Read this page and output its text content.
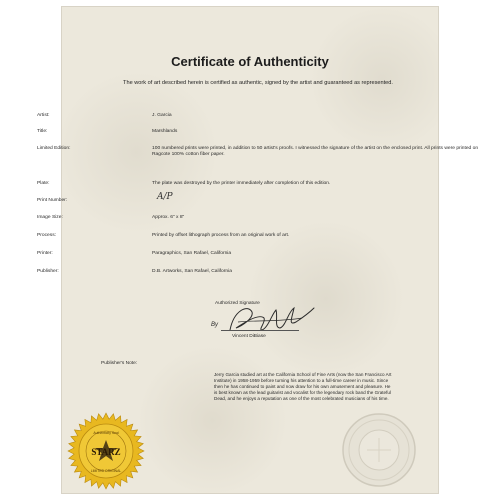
Certificate of Authenticity
The work of art described herein is certified as authentic, signed by the artist and guaranteed as represented.
Artist:	J. Garcia
Title:	Marshlands
Limited Edition:	100 numbered prints were printed, in addition to 50 artist's proofs. I witnessed the signature of the artist on the enclosed print. All prints were printed on Ragcote 100% cotton fiber paper.
Plate:	The plate was destroyed by the printer immediately after completion of this edition.
Print Number:	A/P
Image Size:	Approx. 6" x 8"
Process:	Printed by offset lithograph process from an original work of art.
Printer:	Paragraphics, San Rafael, California
Publisher:	D.B. Artworks, San Rafael, California
Authorized Signature
By
Vincent DiBiase
Publisher's Note:
Jerry Garcia studied art at the California School of Fine Arts (now the San Francisco Art Institute) in 1958-1959 before turning his attention to a full-time career in music. Since then he has continued to paint and now draw for his own amusement and pleasure. He is best known as the lead guitarist and vocalist for the legendary rock band the Grateful Dead, and he enjoys a reputation as one of the most celebrated musicians of his time.
STARZ
Authenticity Seal
LIMITED ORIGINAL
